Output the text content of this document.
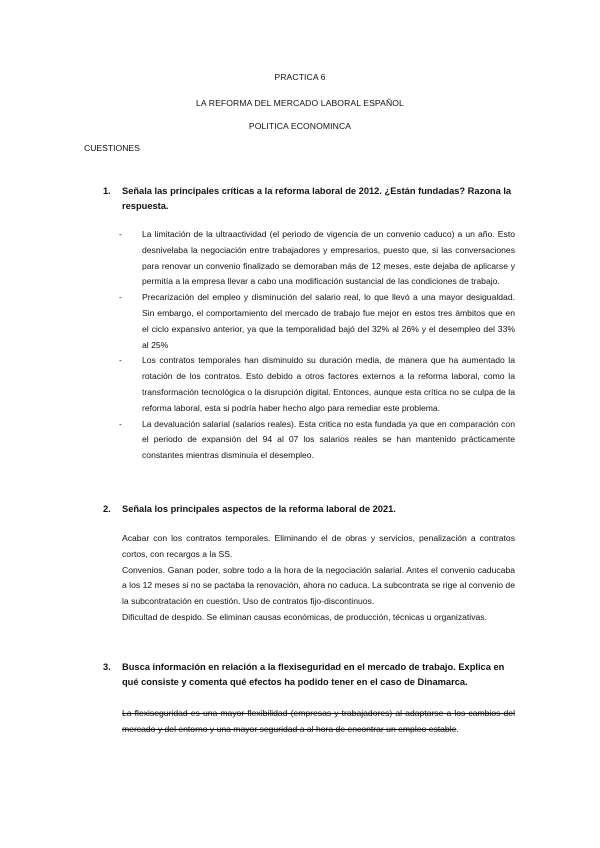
PRACTICA 6
LA REFORMA DEL MERCADO LABORAL ESPAÑOL
POLITICA ECONOMINCA
CUESTIONES
1.	Señala las principales críticas a la reforma laboral de 2012. ¿Están fundadas? Razona la respuesta.
- La limitación de la ultraactividad (el periodo de vigencia de un convenio caduco) a un año. Esto desnivelaba la negociación entre trabajadores y empresarios, puesto que, si las conversaciones para renovar un convenio finalizado se demoraban más de 12 meses, este dejaba de aplicarse y permitía a la empresa llevar a cabo una modificación sustancial de las condiciones de trabajo.
- Precarización del empleo y disminución del salario real, lo que llevó a una mayor desigualdad. Sin embargo, el comportamiento del mercado de trabajo fue mejor en estos tres ámbitos que en el ciclo expansivo anterior, ya que la temporalidad bajó del 32% al 26% y el desempleo del 33% al 25%
- Los contratos temporales han disminuido su duración media, de manera que ha aumentado la rotación de los contratos. Esto debido a otros factores externos a la reforma laboral, como la transformación tecnológica o la disrupción digital. Entonces, aunque esta crítica no se culpa de la reforma laboral, esta si podría haber hecho algo para remediar este problema.
- La devaluación salarial (salarios reales). Esta critica no esta fundada ya que en comparación con el periodo de expansión del 94 al 07 los salarios reales se han mantenido prácticamente constantes mientras disminuía el desempleo.
2.	Señala los principales aspectos de la reforma laboral de 2021.

Acabar con los contratos temporales. Eliminando el de obras y servicios, penalización a contratos cortos, con recargos a la SS.

Convenios. Ganan poder, sobre todo a la hora de la negociación salarial. Antes el convenio caducaba a los 12 meses si no se pactaba la renovación, ahora no caduca. La subcontrata se rige al convenio de la subcontratación en cuestión. Uso de contratos fijo-discontinuos.

Dificultad de despido. Se eliminan causas económicas, de producción, técnicas u organizativas.

3.	Busca información en relación a la flexiseguridad en el mercado de trabajo. Explica en qué consiste y comenta qué efectos ha podido tener en el caso de Dinamarca.

La flexiseguridad es una mayor flexibilidad (empresas y trabajadores) al adaptarse a los cambios del mercado y del entorno y una mayor seguridad a al hora de encontrar un empleo estable.
